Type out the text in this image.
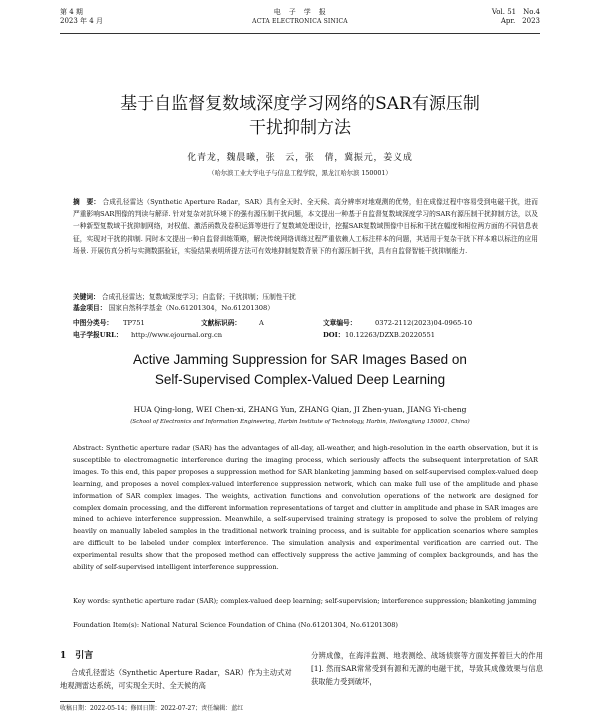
第 4 期
2023 年 4 月
电　子　学　报
ACTA ELECTRONICA SINICA
Vol. 51　No.4
Apr.　2023
基于自监督复数域深度学习网络的SAR有源压制
干扰抑制方法
化青龙，魏晨曦，张　云，张　倩，冀振元，姜义成
（哈尔滨工业大学电子与信息工程学院，黑龙江哈尔滨 150001）
摘　要： 合成孔径雷达（Synthetic Aperture Radar，SAR）具有全天时、全天候、高分辨率对地观测的优势，但在成像过程中容易受到电磁干扰，进而严重影响SAR图像的判读与解译. 针对复杂对抗环境下的强有源压制干扰问题，本文提出一种基于自监督复数域深度学习的SAR有源压制干扰抑制方法，以及一种新型复数域干扰抑制网络，对权值、激活函数及卷积运算等进行了复数域处理设计，挖掘SAR复数域图像中目标和干扰在幅度和相位两方面的不同信息表征，实现对干扰的抑制. 同时本文提出一种自监督训练策略，解决传统网络训练过程严重依赖人工标注样本的问题，其适用于复杂干扰下样本难以标注的应用场景. 开展仿真分析与实测数据验证，实验结果表明所提方法可有效地抑制复数背景下的有源压制干扰，具有自监督智能干扰抑制能力.
关键词： 合成孔径雷达；复数域深度学习；自监督；干扰抑制；压制性干扰
基金项目： 国家自然科学基金（No.61201304，No.61201308）
中图分类号： TP751	文献标识码：	A	文章编号：	0372-2112(2023)04-0965-10
电子学报URL： http://www.ejournal.org.cn	DOI： 10.12263/DZXB.20220551
Active Jamming Suppression for SAR Images Based on
Self-Supervised Complex-Valued Deep Learning
HUA Qing-long, WEI Chen-xi, ZHANG Yun, ZHANG Qian, JI Zhen-yuan, JIANG Yi-cheng
(School of Electronics and Information Engineering, Harbin Institute of Technology, Harbin, Heilongjiang 150001, China)
Abstract: Synthetic aperture radar (SAR) has the advantages of all-day, all-weather, and high-resolution in the earth observation, but it is susceptible to electromagnetic interference during the imaging process, which seriously affects the subsequent interpretation of SAR images. To this end, this paper proposes a suppression method for SAR blanketing jamming based on self-supervised complex-valued deep learning, and proposes a novel complex-valued interference suppression network, which can make full use of the amplitude and phase information of SAR complex images. The weights, activation functions and convolution operations of the network are designed for complex domain processing, and the different information representations of target and clutter in amplitude and phase in SAR images are mined to achieve interference suppression. Meanwhile, a self-supervised training strategy is proposed to solve the problem of relying heavily on manually labeled samples in the traditional network training process, and is suitable for application scenarios where samples are difficult to be labeled under complex interference. The simulation analysis and experimental verification are carried out. The experimental results show that the proposed method can effectively suppress the active jamming of complex backgrounds, and has the ability of self-supervised intelligent interference suppression.
Key words: synthetic aperture radar (SAR); complex-valued deep learning; self-supervision; interference suppression; blanketing jamming
Foundation Item(s): National Natural Science Foundation of China (No.61201304, No.61201308)
1　引言
合成孔径雷达（Synthetic Aperture Radar，SAR）作为主动式对地观测雷达系统，可实现全天时、全天候的高
分辨成像，在海洋监测、地表测绘、战场侦察等方面发挥着巨大的作用[1]. 然而SAR常常受到有源和无源的电磁干扰，导致其成像效果与信息获取能力受到破坏，
收稿日期：2022-05-14；修回日期：2022-07-27；责任编辑：蓝红
